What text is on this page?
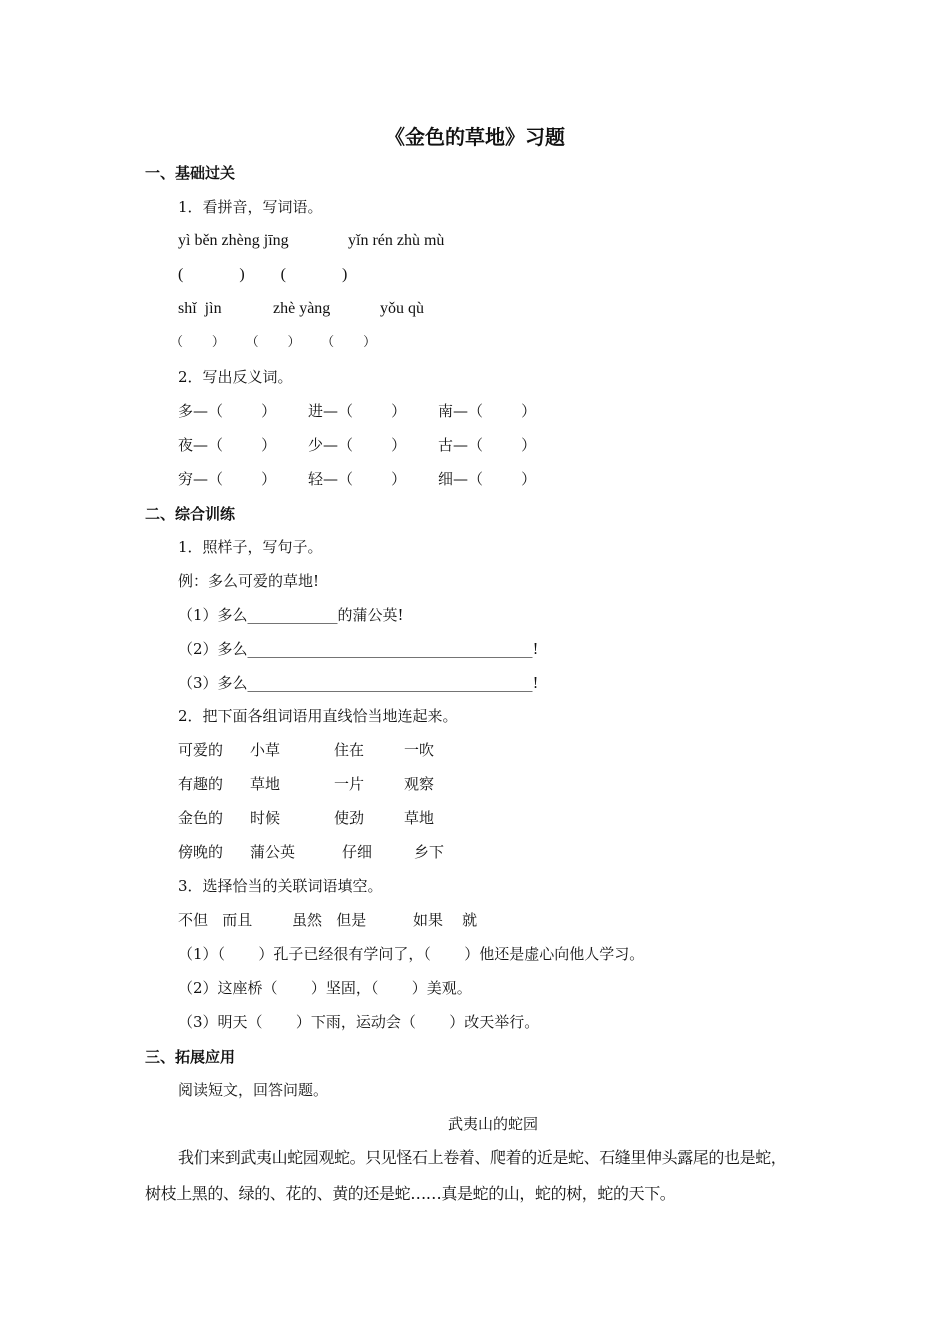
《金色的草地》习题
一、基础过关
1．看拼音，写词语。
yì běn zhèng jīng	yǐn rén zhù mù
(              )         (              )
shǐ  jìn	zhè yàng	yǒu qù
（       ）     （       ）     （       ）
2．写出反义词。
多—（        ） 进—（        ） 南—（        ）
夜—（        ） 少—（        ） 古—（        ）
穷—（        ） 轻—（        ） 细—（        ）
二、综合训练
1．照样子，写句子。
例：多么可爱的草地!
（1）多么____________的蒲公英!
（2）多么______________________________________!
（3）多么______________________________________!
2．把下面各组词语用直线恰当地连起来。
可爱的 小草	住在	一吹
有趣的 草地	一片	观察
金色的 时候	使劲	草地
傍晚的 蒲公英	仔细	乡下
3．选择恰当的关联词语填空。
不但   而且	虽然   但是	如果    就
（1）（       ）孔子已经很有学问了，（       ）他还是虚心向他人学习。
（2）这座桥（       ）坚固，（       ）美观。
（3）明天（       ）下雨，运动会（       ）改天举行。
三、拓展应用
阅读短文，回答问题。
武夷山的蛇园
我们来到武夷山蛇园观蛇。只见怪石上卷着、爬着的近是蛇、石缝里伸头露尾的也是蛇，
树枝上黑的、绿的、花的、黄的还是蛇……真是蛇的山，蛇的树，蛇的天下。
